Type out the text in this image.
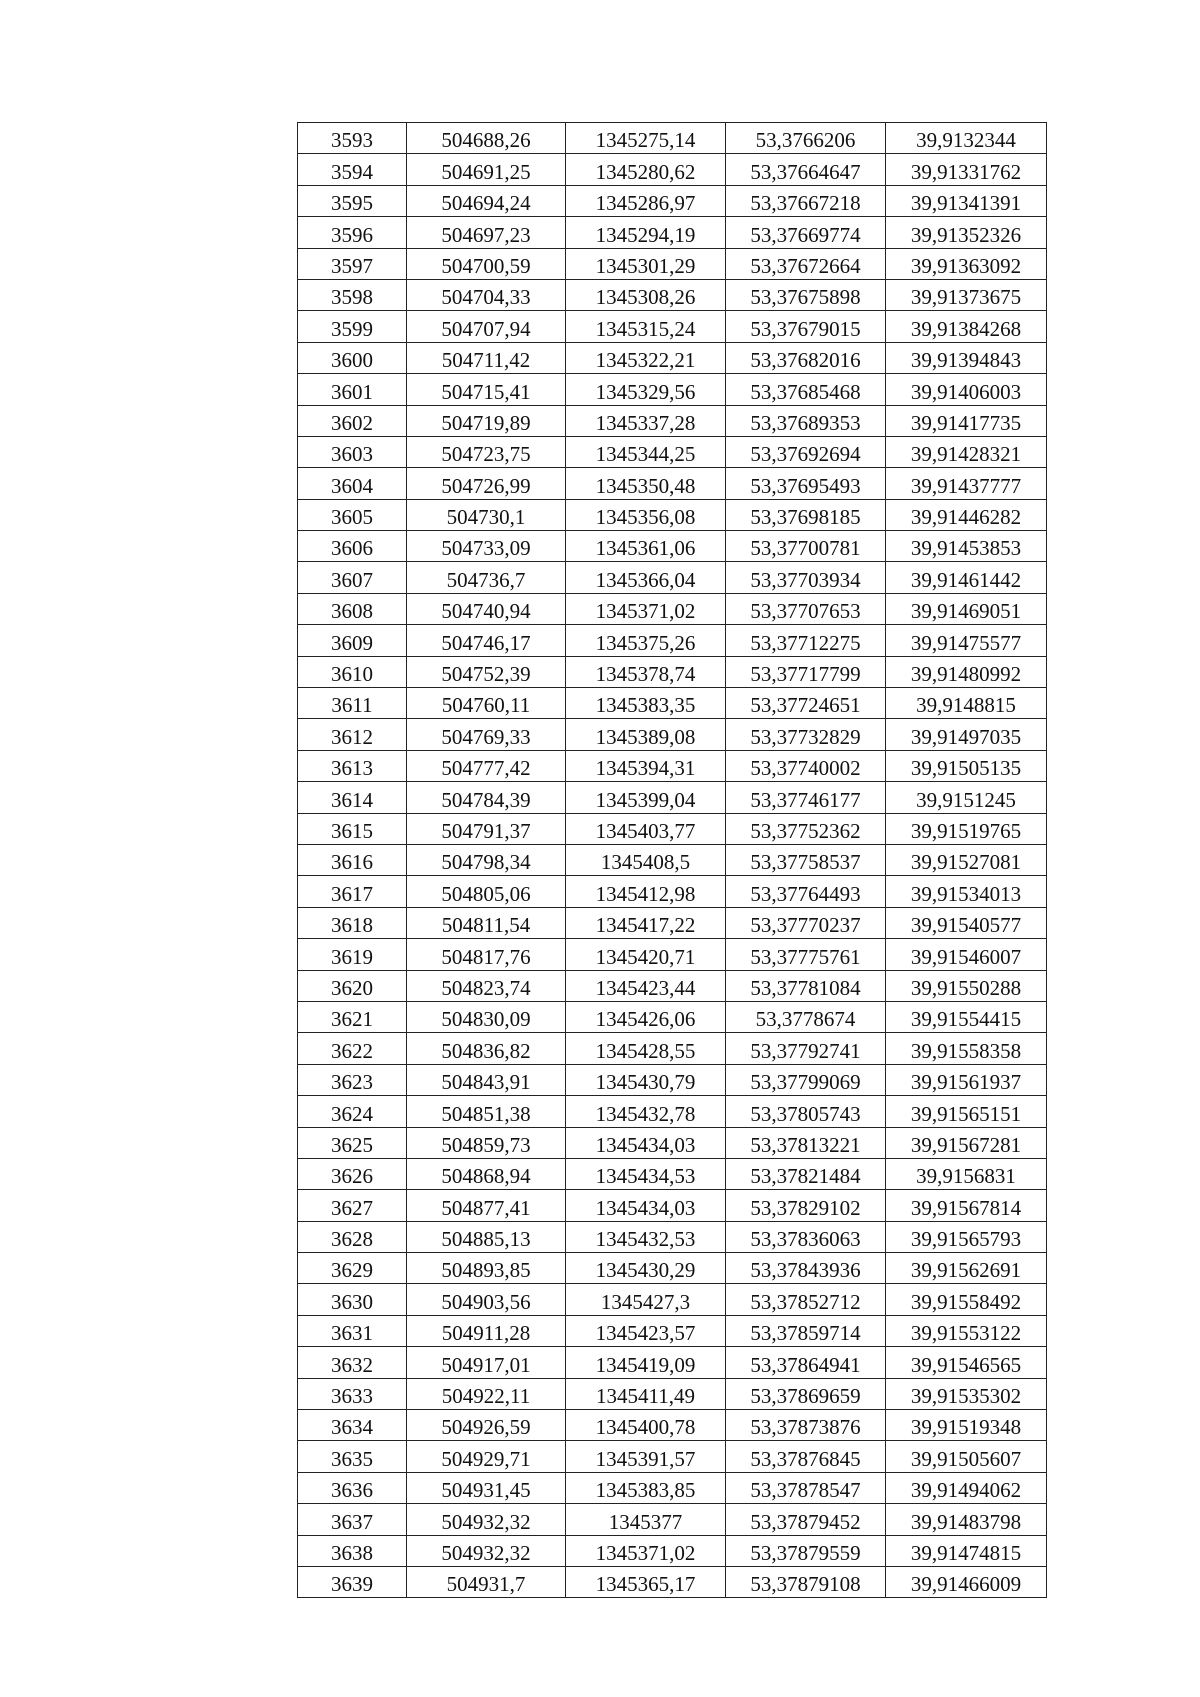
3593	504688,26	1345275,14	53,3766206	39,9132344
3594	504691,25	1345280,62	53,37664647	39,91331762
3595	504694,24	1345286,97	53,37667218	39,91341391
3596	504697,23	1345294,19	53,37669774	39,91352326
3597	504700,59	1345301,29	53,37672664	39,91363092
3598	504704,33	1345308,26	53,37675898	39,91373675
3599	504707,94	1345315,24	53,37679015	39,91384268
3600	504711,42	1345322,21	53,37682016	39,91394843
3601	504715,41	1345329,56	53,37685468	39,91406003
3602	504719,89	1345337,28	53,37689353	39,91417735
3603	504723,75	1345344,25	53,37692694	39,91428321
3604	504726,99	1345350,48	53,37695493	39,91437777
3605	504730,1	1345356,08	53,37698185	39,91446282
3606	504733,09	1345361,06	53,37700781	39,91453853
3607	504736,7	1345366,04	53,37703934	39,91461442
3608	504740,94	1345371,02	53,37707653	39,91469051
3609	504746,17	1345375,26	53,37712275	39,91475577
3610	504752,39	1345378,74	53,37717799	39,91480992
3611	504760,11	1345383,35	53,37724651	39,9148815
3612	504769,33	1345389,08	53,37732829	39,91497035
3613	504777,42	1345394,31	53,37740002	39,91505135
3614	504784,39	1345399,04	53,37746177	39,9151245
3615	504791,37	1345403,77	53,37752362	39,91519765
3616	504798,34	1345408,5	53,37758537	39,91527081
3617	504805,06	1345412,98	53,37764493	39,91534013
3618	504811,54	1345417,22	53,37770237	39,91540577
3619	504817,76	1345420,71	53,37775761	39,91546007
3620	504823,74	1345423,44	53,37781084	39,91550288
3621	504830,09	1345426,06	53,3778674	39,91554415
3622	504836,82	1345428,55	53,37792741	39,91558358
3623	504843,91	1345430,79	53,37799069	39,91561937
3624	504851,38	1345432,78	53,37805743	39,91565151
3625	504859,73	1345434,03	53,37813221	39,91567281
3626	504868,94	1345434,53	53,37821484	39,9156831
3627	504877,41	1345434,03	53,37829102	39,91567814
3628	504885,13	1345432,53	53,37836063	39,91565793
3629	504893,85	1345430,29	53,37843936	39,91562691
3630	504903,56	1345427,3	53,37852712	39,91558492
3631	504911,28	1345423,57	53,37859714	39,91553122
3632	504917,01	1345419,09	53,37864941	39,91546565
3633	504922,11	1345411,49	53,37869659	39,91535302
3634	504926,59	1345400,78	53,37873876	39,91519348
3635	504929,71	1345391,57	53,37876845	39,91505607
3636	504931,45	1345383,85	53,37878547	39,91494062
3637	504932,32	1345377	53,37879452	39,91483798
3638	504932,32	1345371,02	53,37879559	39,91474815
3639	504931,7	1345365,17	53,37879108	39,91466009
